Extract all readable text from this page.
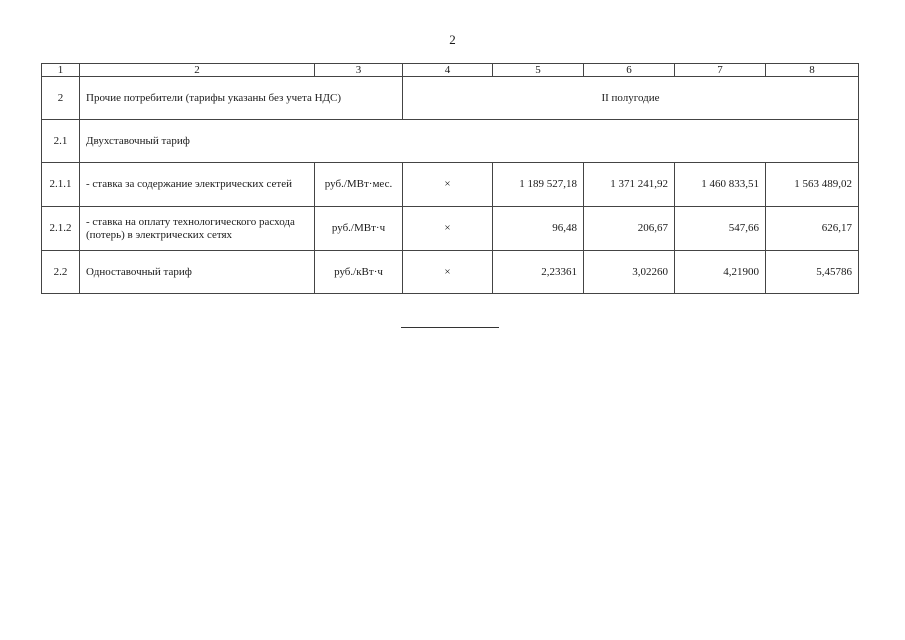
2
1	2	3	4	5	6	7	8
2	Прочие потребители (тарифы указаны без учета НДС)		II полугодие				
2.1	Двухставочный тариф						
2.1.1	- ставка за содержание электрических сетей	руб./МВт·мес.	×	1 189 527,18	1 371 241,92	1 460 833,51	1 563 489,02
2.1.2	- ставка на оплату технологического расхода (потерь) в электрических сетях	руб./МВт·ч	×	96,48	206,67	547,66	626,17
2.2	Одноставочный тариф	руб./кВт·ч	×	2,23361	3,02260	4,21900	5,45786
